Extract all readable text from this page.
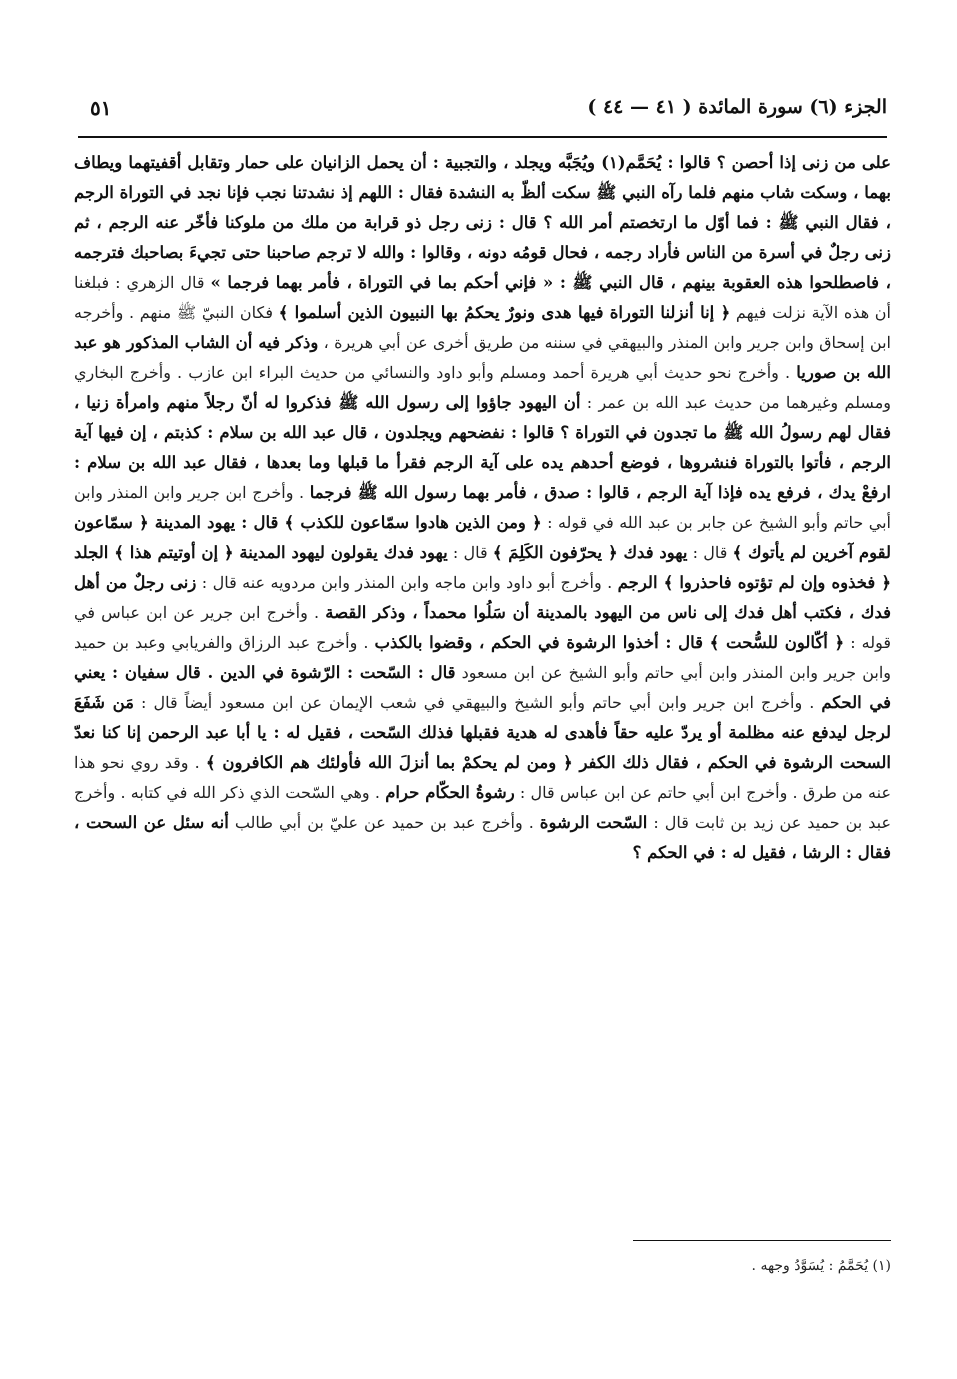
الجزء (٦) سورة المائدة ( ٤١ — ٤٤ )
٥١

على من زنى إذا أحصن ؟ قالوا : يُحَمَّم(١) ويُجَبَّه ويجلد ، والتجبية : أن يحمل الزانيان على حمار وتقابل أقفيتهما ويطاف بهما ، وسكت شاب منهم فلما رآه النبي ﷺ سكت ألظّ به النشدة فقال : اللهم إذ نشدتنا نجب فإنا نجد في التوراة الرجم ، فقال النبي ﷺ : فما أوّل ما ارتخصتم أمر الله ؟ قال : زنى رجل ذو قرابة من ملك من ملوكنا فأخّر عنه الرجم ، ثم زنى رجلٌ في أسرة من الناس فأراد رجمه ، فحال قومُه دونه ، وقالوا : والله لا ترجم صاحبنا حتى تجيءَ بصاحبك فترجمه ، فاصطلحوا هذه العقوبة بينهم ، قال النبي ﷺ : « فإني أحكم بما في التوراة ، فأمر بهما فرجما » قال الزهري : فبلغنا أن هذه الآية نزلت فيهم ﴿ إنا أنزلنا التوراة فيها هدى ونورٌ يحكمُ بها النبيون الذين أسلموا ﴾ فكان النبيّ ﷺ منهم . وأخرجه ابن إسحاق وابن جرير وابن المنذر والبيهقي في سننه من طريق أخرى عن أبي هريرة ، وذكر فيه أن الشاب المذكور هو عبد الله بن صوريا . وأخرج نحو حديث أبي هريرة أحمد ومسلم وأبو داود والنسائي من حديث البراء ابن عازب . وأخرج البخاري ومسلم وغيرهما من حديث عبد الله بن عمر : أن اليهود جاؤوا إلى رسول الله ﷺ فذكروا له أنّ رجلاً منهم وامرأة زنيا ، فقال لهم رسولُ الله ﷺ ما تجدون في التوراة ؟ قالوا : نفضحهم ويجلدون ، قال عبد الله بن سلام : كذبتم ، إن فيها آية الرجم ، فأتوا بالتوراة فنشروها ، فوضع أحدهم يده على آية الرجم فقرأ ما قبلها وما بعدها ، فقال عبد الله بن سلام : ارفعْ يدك ، فرفع يده فإذا آية الرجم ، قالوا : صدق ، فأمر بهما رسول الله ﷺ فرجما . وأخرج ابن جرير وابن المنذر وابن أبي حاتم وأبو الشيخ عن جابر بن عبد الله في قوله : ﴿ ومن الذين هادوا سمّاعون للكذب ﴾ قال : يهود المدينة ﴿ سمّاعون لقوم آخرين لم يأتوك ﴾ قال : يهود فدك ﴿ يحرّفون الكَلِمَ ﴾ قال : يهود فدك يقولون ليهود المدينة ﴿ إن أوتيتم هذا ﴾ الجلد ﴿ فخذوه وإن لم تؤتوه فاحذروا ﴾ الرجم . وأخرج أبو داود وابن ماجه وابن المنذر وابن مردويه عنه قال : زنى رجلٌ من أهل فدك ، فكتب أهل فدك إلى ناس من اليهود بالمدينة أن سَلُوا محمداً ، وذكر القصة . وأخرج ابن جرير عن ابن عباس في قوله : ﴿ أكّالون للسُّحت ﴾ قال : أخذوا الرشوة في الحكم ، وقضوا بالكذب . وأخرج عبد الرزاق والفريابي وعبد بن حميد وابن جرير وابن المنذر وابن أبي حاتم وأبو الشيخ عن ابن مسعود قال : السّحت : الرّشوة في الدين . قال سفيان : يعني في الحكم . وأخرج ابن جرير وابن أبي حاتم وأبو الشيخ والبيهقي في شعب الإيمان عن ابن مسعود أيضاً قال : مَن شَفَعَ لرجل ليدفع عنه مظلمة أو يردّ عليه حقاً فأهدى له هدية فقبلها فذلك السّحت ، فقيل له : يا أبا عبد الرحمن إنا كنا نعدّ السحت الرشوة في الحكم ، فقال ذلك الكفر ﴿ ومن لم يحكمْ بما أنزلَ الله فأولئك هم الكافرون ﴾ . وقد روي نحو هذا عنه من طرق . وأخرج ابن أبي حاتم عن ابن عباس قال : رشوةُ الحكّام حرام . وهي السّحت الذي ذكر الله في كتابه . وأخرج عبد بن حميد عن زيد بن ثابت قال : السّحت الرشوة . وأخرج عبد بن حميد عن عليّ بن أبي طالب أنه سئل عن السحت ، فقال : الرشا ، فقيل له : في الحكم ؟

(١) يُحَمَّمُ : يُسَوَّدُ وجهه .
